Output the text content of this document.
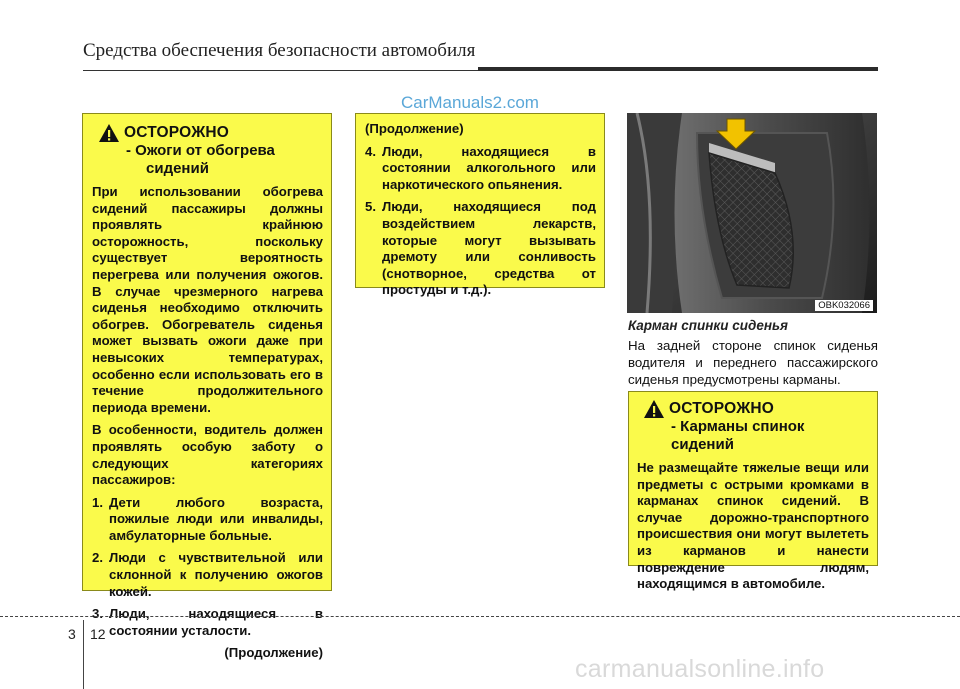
Средства обеспечения безопасности автомобиля
CarManuals2.com
ОСТОРОЖНО
- Ожоги от обогрева
сидений

При использовании обогрева сидений пассажиры должны проявлять крайнюю осторожность, поскольку существует вероятность перегрева или получения ожогов. В случае чрезмерного нагрева сиденья необходимо отключить обогрев. Обогреватель сиденья может вызвать ожоги даже при невысоких температурах, особенно если использовать его в течение продолжительного периода времени.

В особенности, водитель должен проявлять особую заботу о следующих категориях пассажиров:

1. Дети любого возраста, пожилые люди или инвалиды, амбулаторные больные.
2. Люди с чувствительной или склонной к получению ожогов кожей.
3. Люди, находящиеся в состоянии усталости.
(Продолжение)
(Продолжение)
4. Люди, находящиеся в состоянии алкогольного или наркотического опьянения.
5. Люди, находящиеся под воздействием лекарств, которые могут вызывать дремоту или сонливость (снотворное, средства от простуды и т.д.).
OBK032066
Карман спинки сиденья
На задней стороне спинок сиденья водителя и переднего пассажирского сиденья предусмотрены карманы.
ОСТОРОЖНО
- Карманы спинок сидений

Не размещайте тяжелые вещи или предметы с острыми кромками в карманах спинок сидений. В случае дорожно-транспортного происшествия они могут вылететь из карманов и нанести повреждение людям, находящимся в автомобиле.

3 12
carmanualsonline.info
